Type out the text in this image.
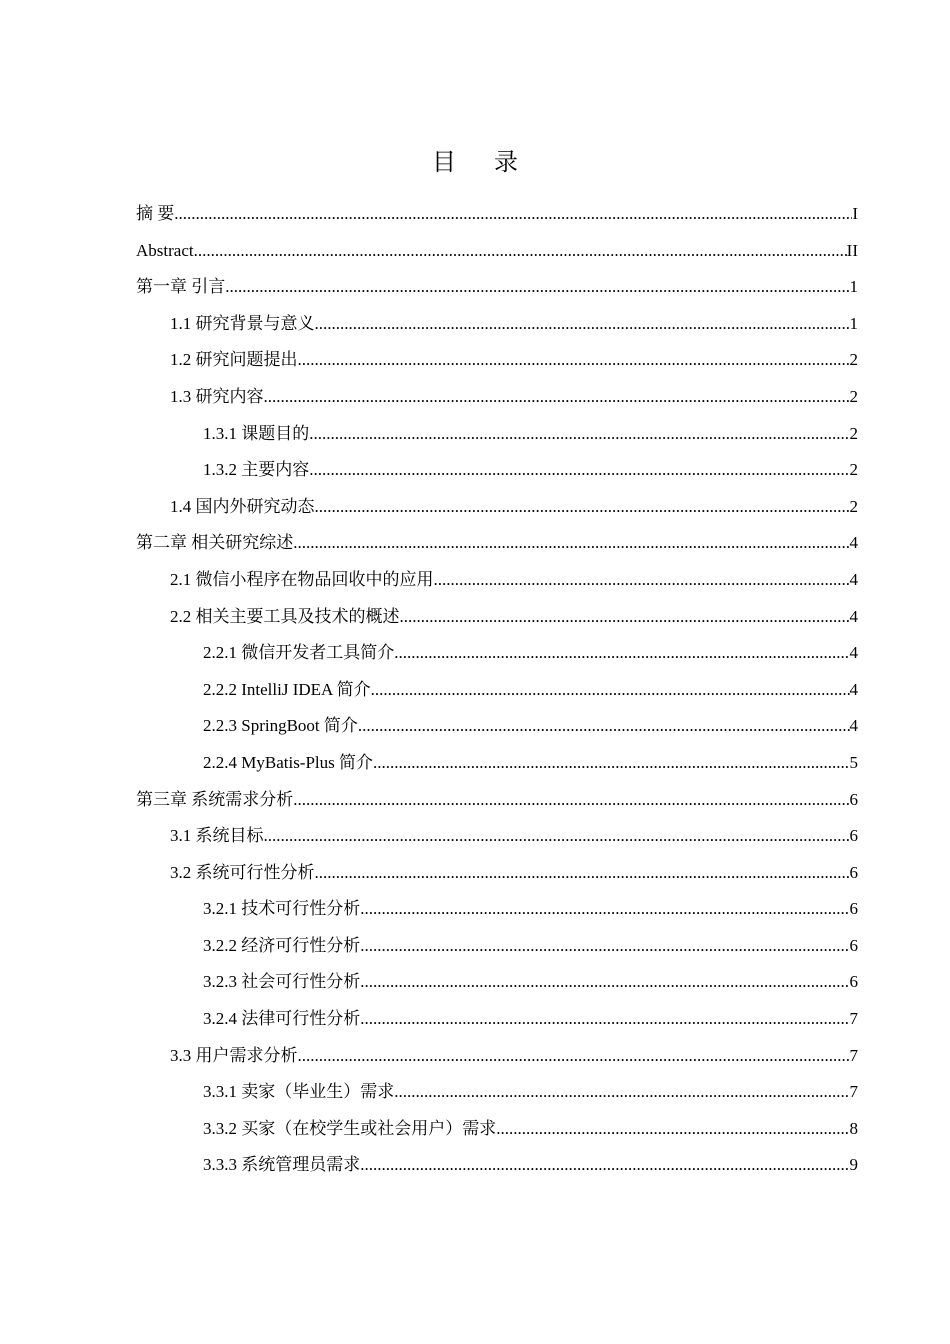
目 录
摘 要 .....	I
Abstract .....	II
第一章 引言 .....	1
1.1 研究背景与意义 .....	1
1.2 研究问题提出 .....	2
1.3 研究内容 .....	2
1.3.1 课题目的 .....	2
1.3.2 主要内容 .....	2
1.4 国内外研究动态 .....	2
第二章 相关研究综述 .....	4
2.1 微信小程序在物品回收中的应用 .....	4
2.2 相关主要工具及技术的概述 .....	4
2.2.1 微信开发者工具简介 .....	4
2.2.2 IntelliJ IDEA 简介 .....	4
2.2.3 SpringBoot 简介 .....	4
2.2.4 MyBatis-Plus 简介 .....	5
第三章 系统需求分析 .....	6
3.1 系统目标 .....	6
3.2 系统可行性分析 .....	6
3.2.1 技术可行性分析 .....	6
3.2.2 经济可行性分析 .....	6
3.2.3 社会可行性分析 .....	6
3.2.4 法律可行性分析 .....	7
3.3 用户需求分析 .....	7
3.3.1 卖家（毕业生）需求 .....	7
3.3.2 买家（在校学生或社会用户）需求 .....	8
3.3.3 系统管理员需求 .....	9
